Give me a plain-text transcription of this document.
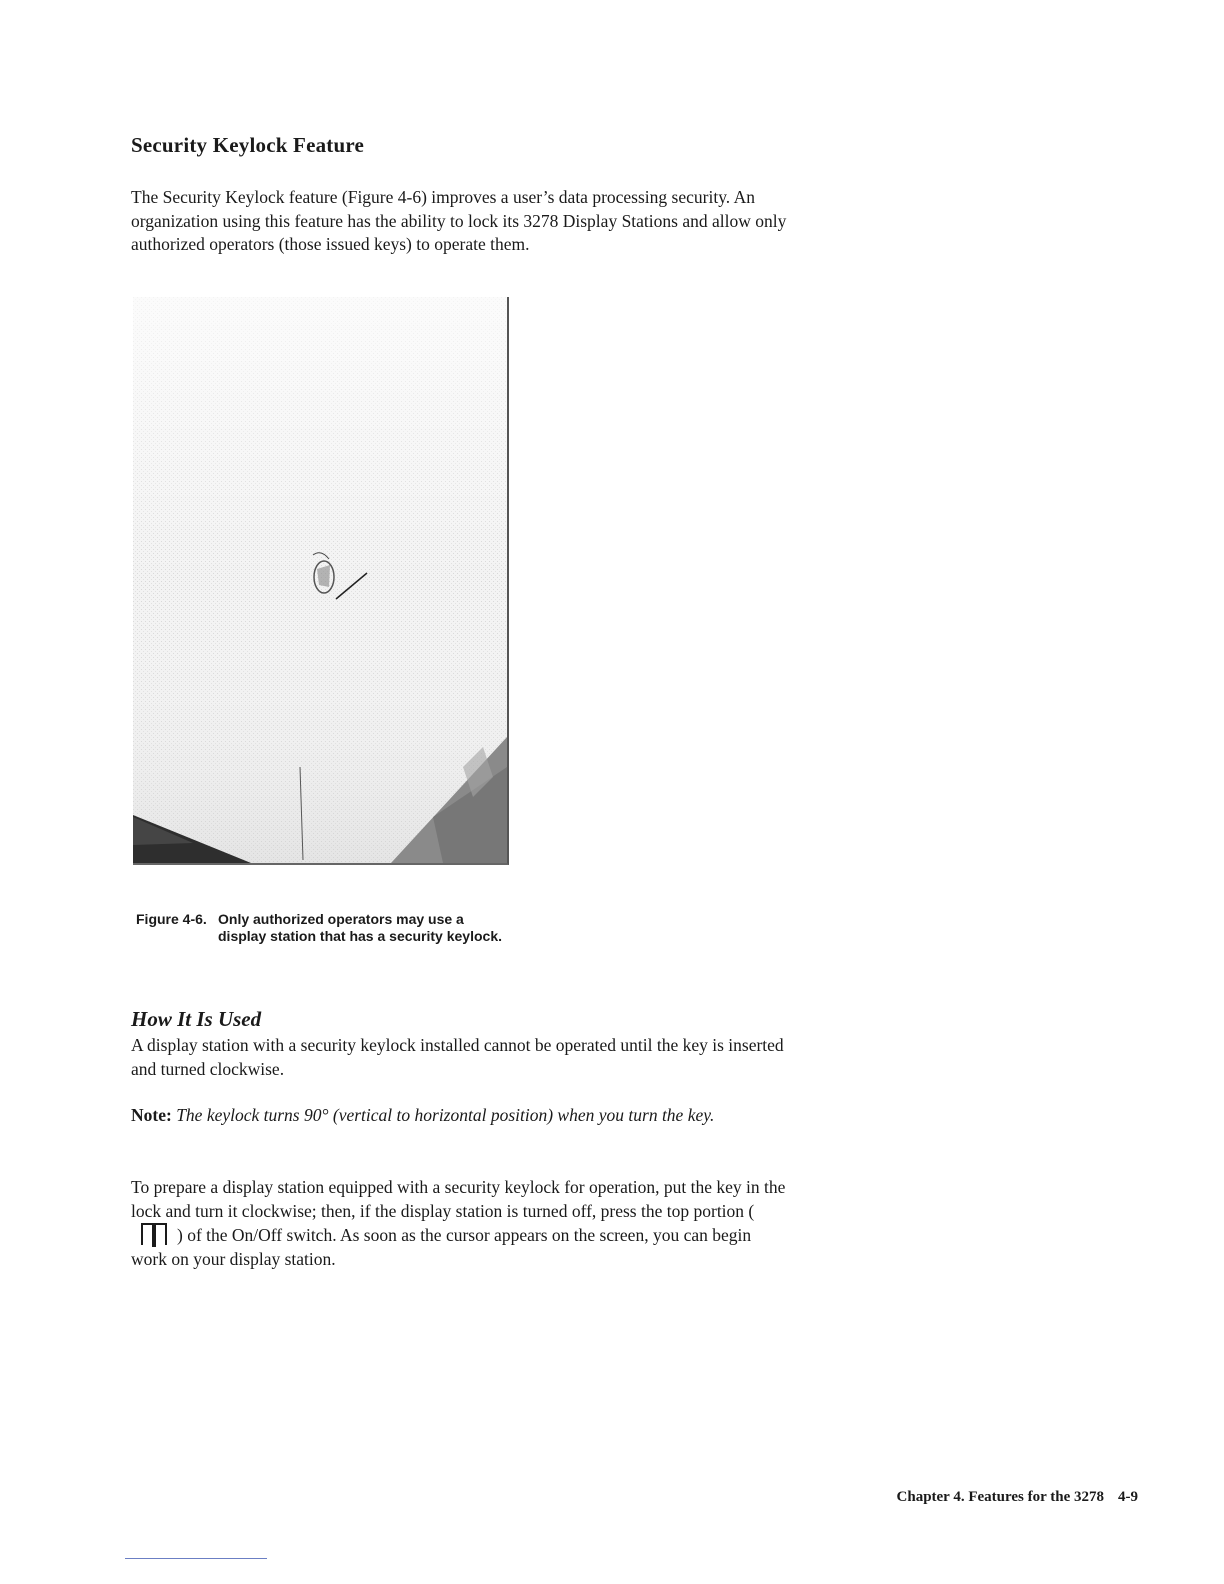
Security Keylock Feature
The Security Keylock feature (Figure 4-6) improves a user’s data processing security. An organization using this feature has the ability to lock its 3278 Display Stations and allow only authorized operators (those issued keys) to operate them.
Figure 4-6. Only authorized operators may use a
display station that has a security keylock.
How It Is Used
A display station with a security keylock installed cannot be operated until the key is inserted and turned clockwise.
Note: The keylock turns 90° (vertical to horizontal position) when you turn the key.
To prepare a display station equipped with a security keylock for operation, put the key in the lock and turn it clockwise; then, if the display station is turned off, press the top portion () of the On/Off switch. As soon as the cursor appears on the screen, you can begin work on your display station.
Chapter 4. Features for the 3278 4-9
